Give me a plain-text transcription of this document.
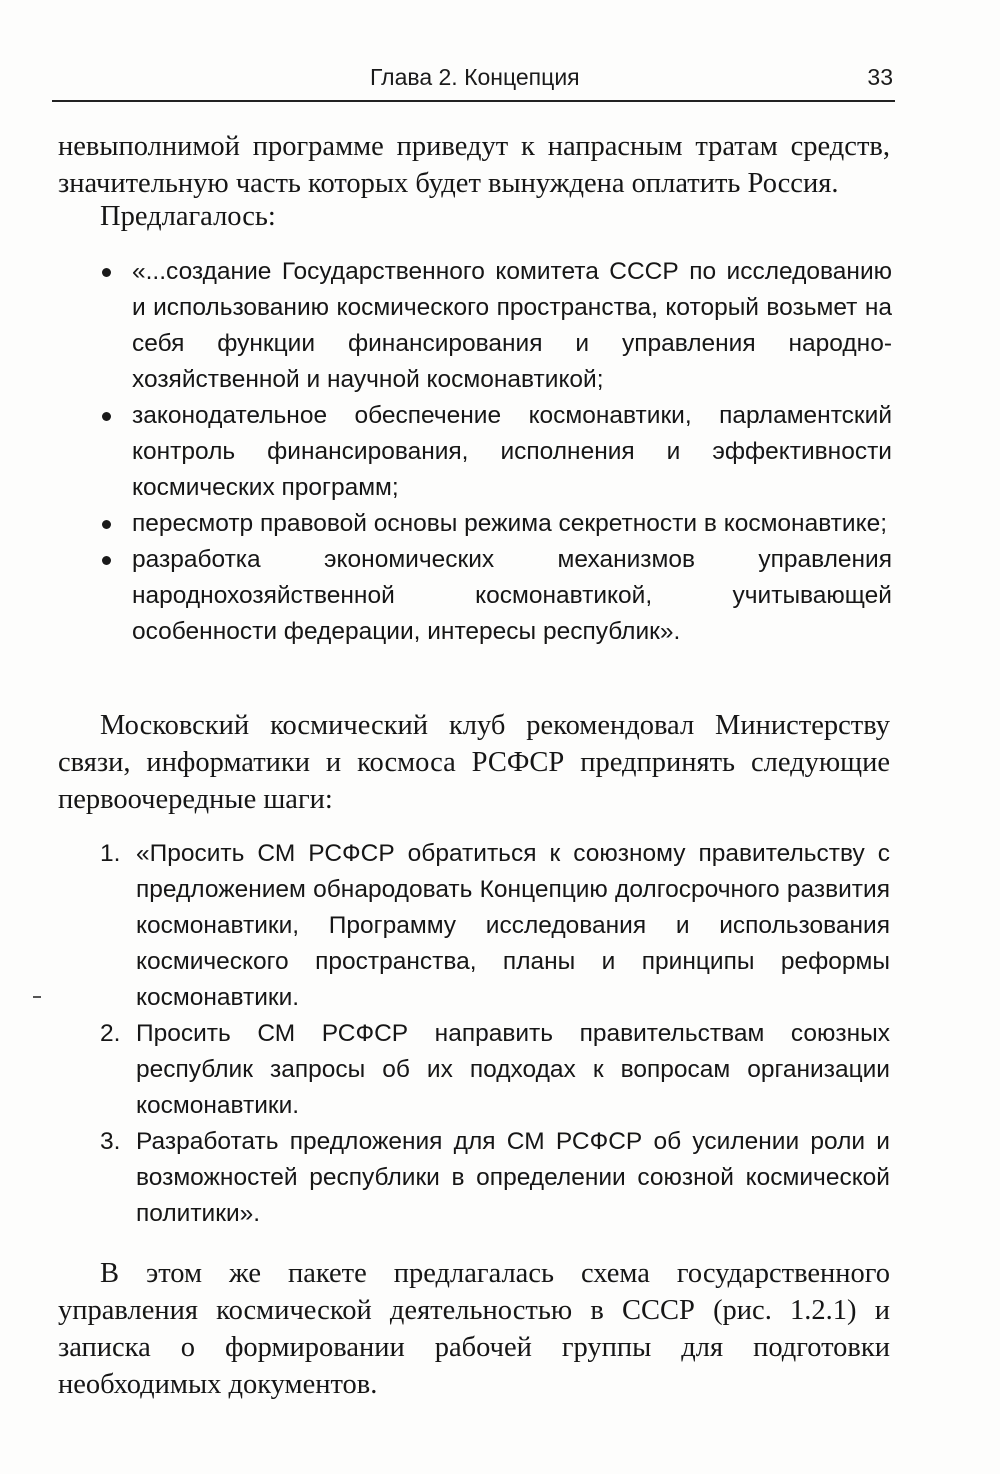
Глава 2. Концепция	33
невыполнимой программе приведут к напрасным тратам средств, значительную часть которых будет вынуждена оплатить Россия.
Предлагалось:
«...создание Государственного комитета СССР по исследованию и использованию космического пространства, который возьмет на себя функции финансирования и управления народно-хозяйственной и научной космонавтикой;
законодательное обеспечение космонавтики, парламентский контроль финансирования, исполнения и эффективности космических программ;
пересмотр правовой основы режима секретности в космонавтике;
разработка экономических механизмов управления народнохозяйственной космонавтикой, учитывающей особенности федерации, интересы республик».
Московский космический клуб рекомендовал Министерству связи, информатики и космоса РСФСР предпринять следующие первоочередные шаги:
1. «Просить СМ РСФСР обратиться к союзному правительству с предложением обнародовать Концепцию долгосрочного развития космонавтики, Программу исследования и использования космического пространства, планы и принципы реформы космонавтики.
2. Просить СМ РСФСР направить правительствам союзных республик запросы об их подходах к вопросам организации космонавтики.
3. Разработать предложения для СМ РСФСР об усилении роли и возможностей республики в определении союзной космической политики».
В этом же пакете предлагалась схема государственного управления космической деятельностью в СССР (рис. 1.2.1) и записка о формировании рабочей группы для подготовки необходимых документов.
